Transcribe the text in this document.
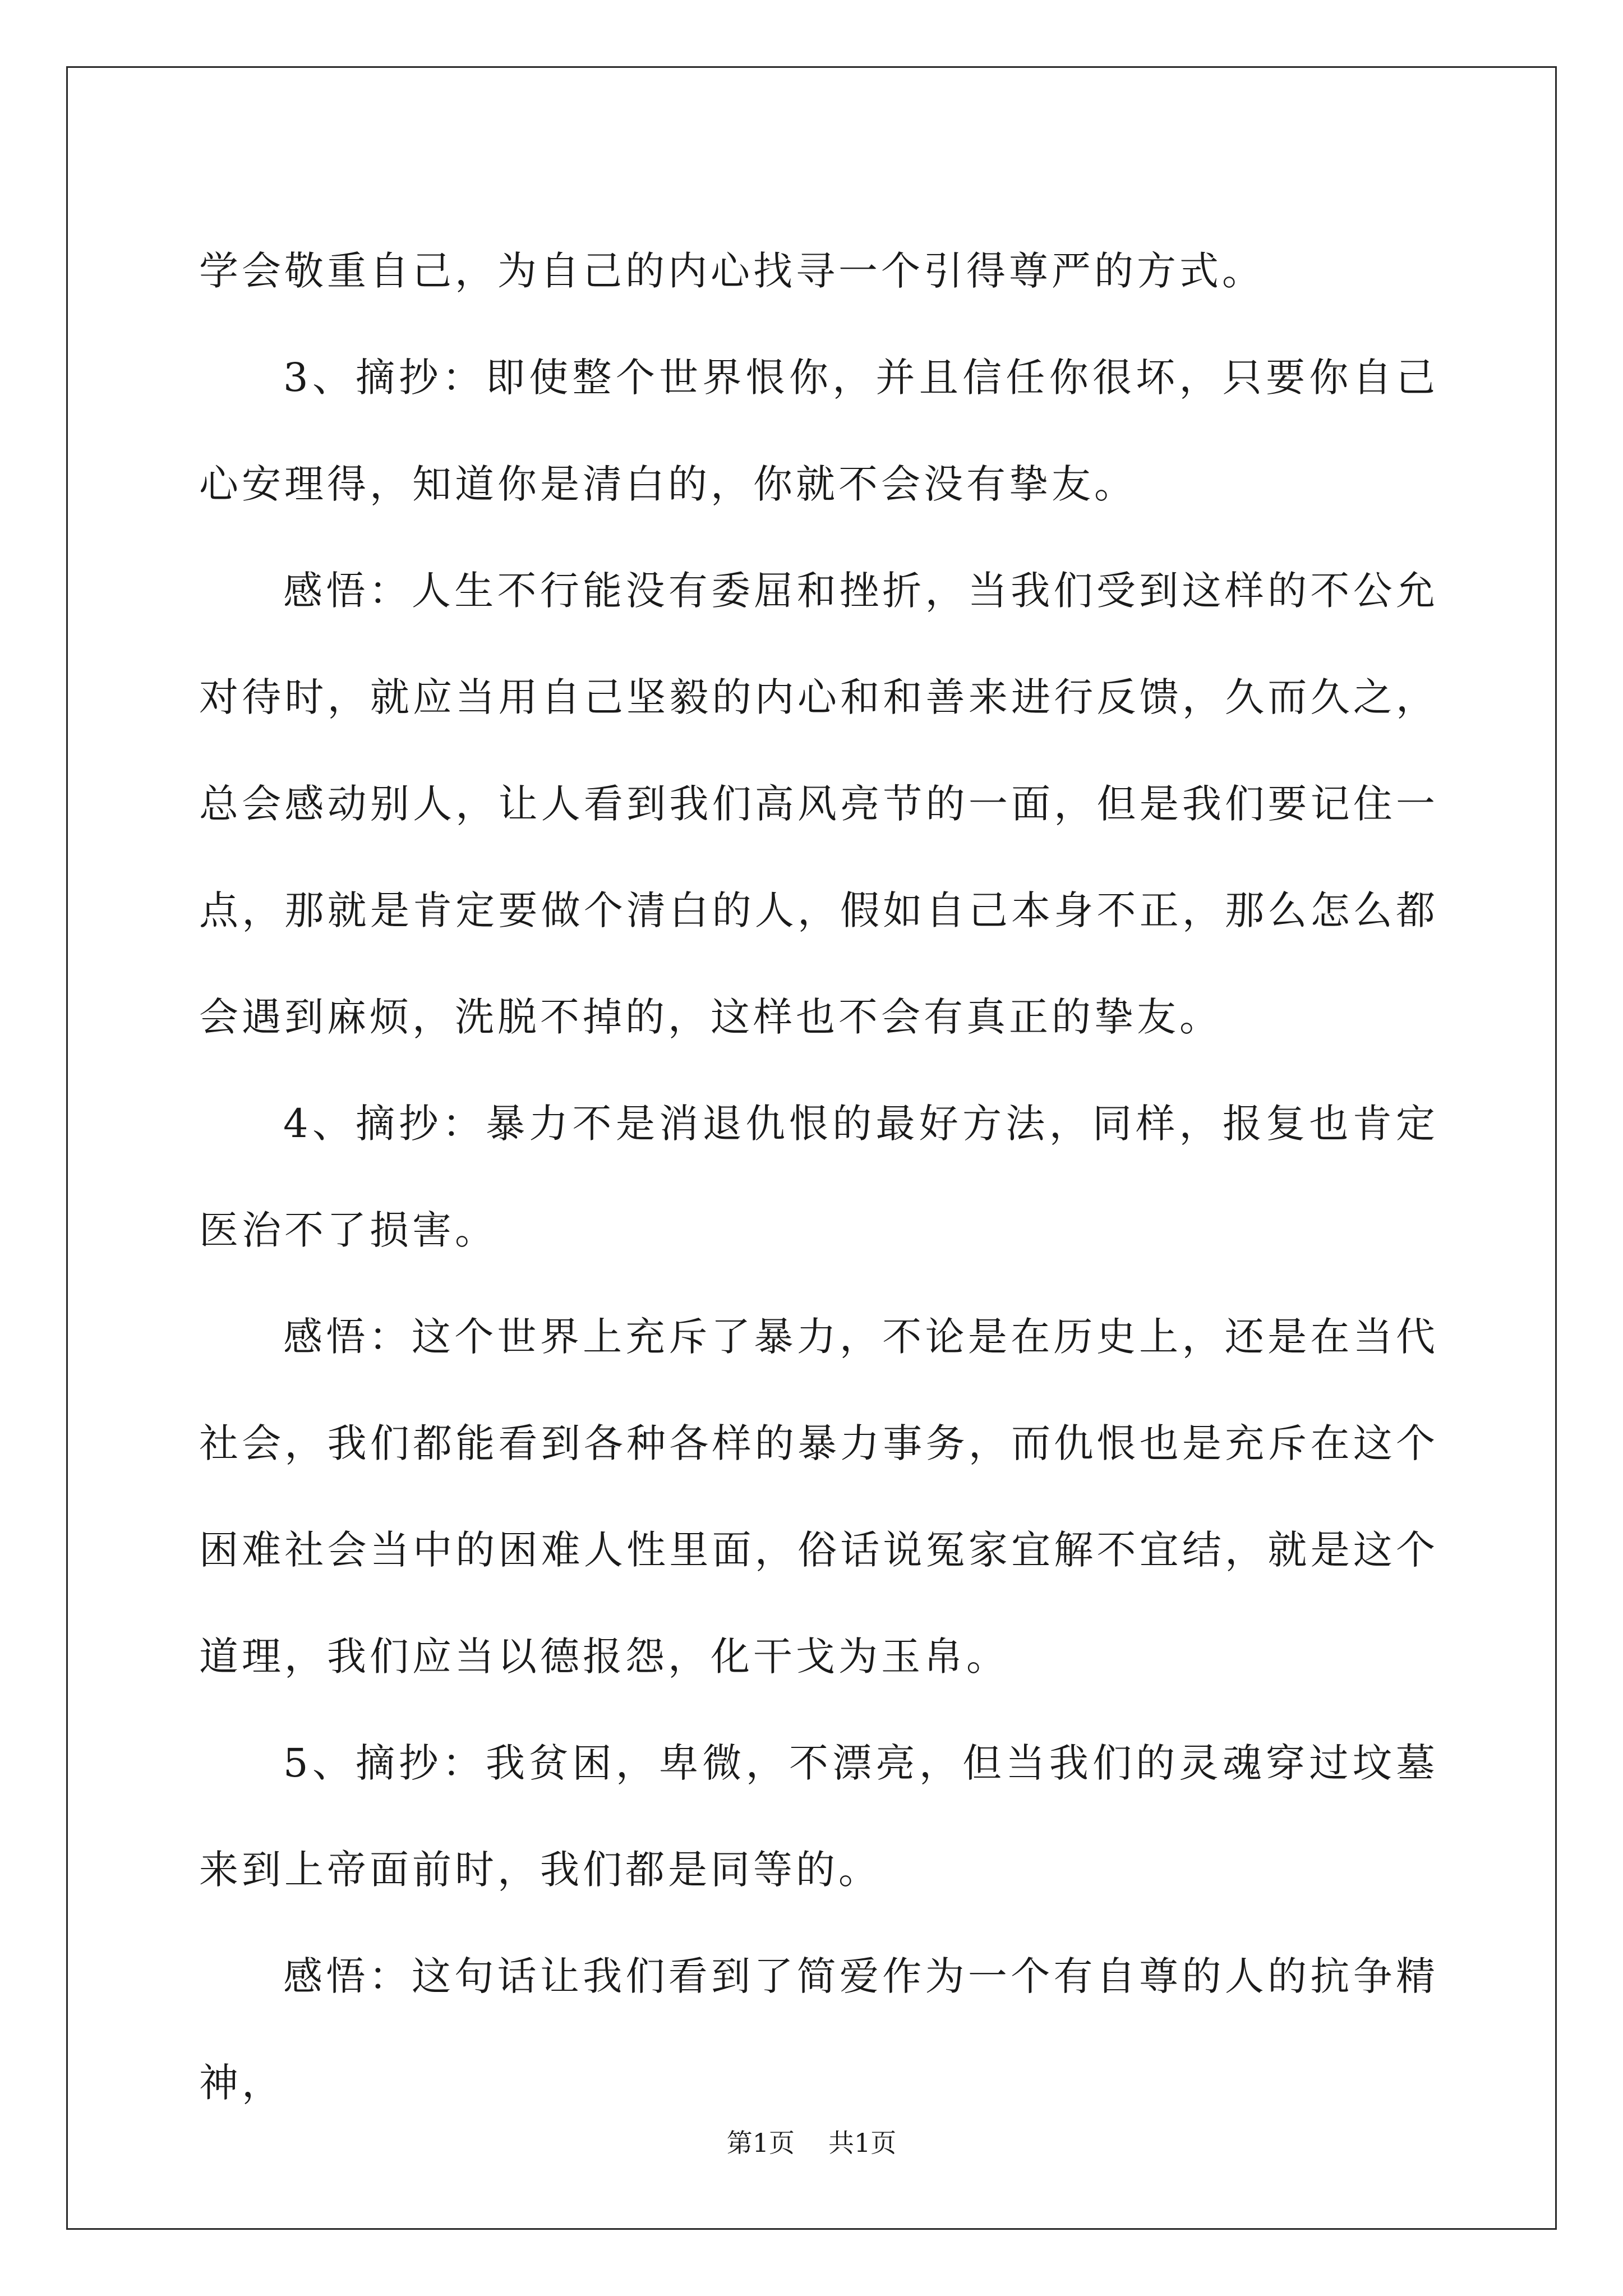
学会敬重自己，为自己的内心找寻一个引得尊严的方式。

3、摘抄：即使整个世界恨你，并且信任你很坏，只要你自己心安理得，知道你是清白的，你就不会没有挚友。

感悟：人生不行能没有委屈和挫折，当我们受到这样的不公允对待时，就应当用自己坚毅的内心和和善来进行反馈，久而久之，总会感动别人，让人看到我们高风亮节的一面，但是我们要记住一点，那就是肯定要做个清白的人，假如自己本身不正，那么怎么都会遇到麻烦，洗脱不掉的，这样也不会有真正的挚友。

4、摘抄：暴力不是消退仇恨的最好方法，同样，报复也肯定医治不了损害。

感悟：这个世界上充斥了暴力，不论是在历史上，还是在当代社会，我们都能看到各种各样的暴力事务，而仇恨也是充斥在这个困难社会当中的困难人性里面，俗话说冤家宜解不宜结，就是这个道理，我们应当以德报怨，化干戈为玉帛。

5、摘抄：我贫困，卑微，不漂亮，但当我们的灵魂穿过坟墓来到上帝面前时，我们都是同等的。

感悟：这句话让我们看到了简爱作为一个有自尊的人的抗争精神，

第1页 共1页
